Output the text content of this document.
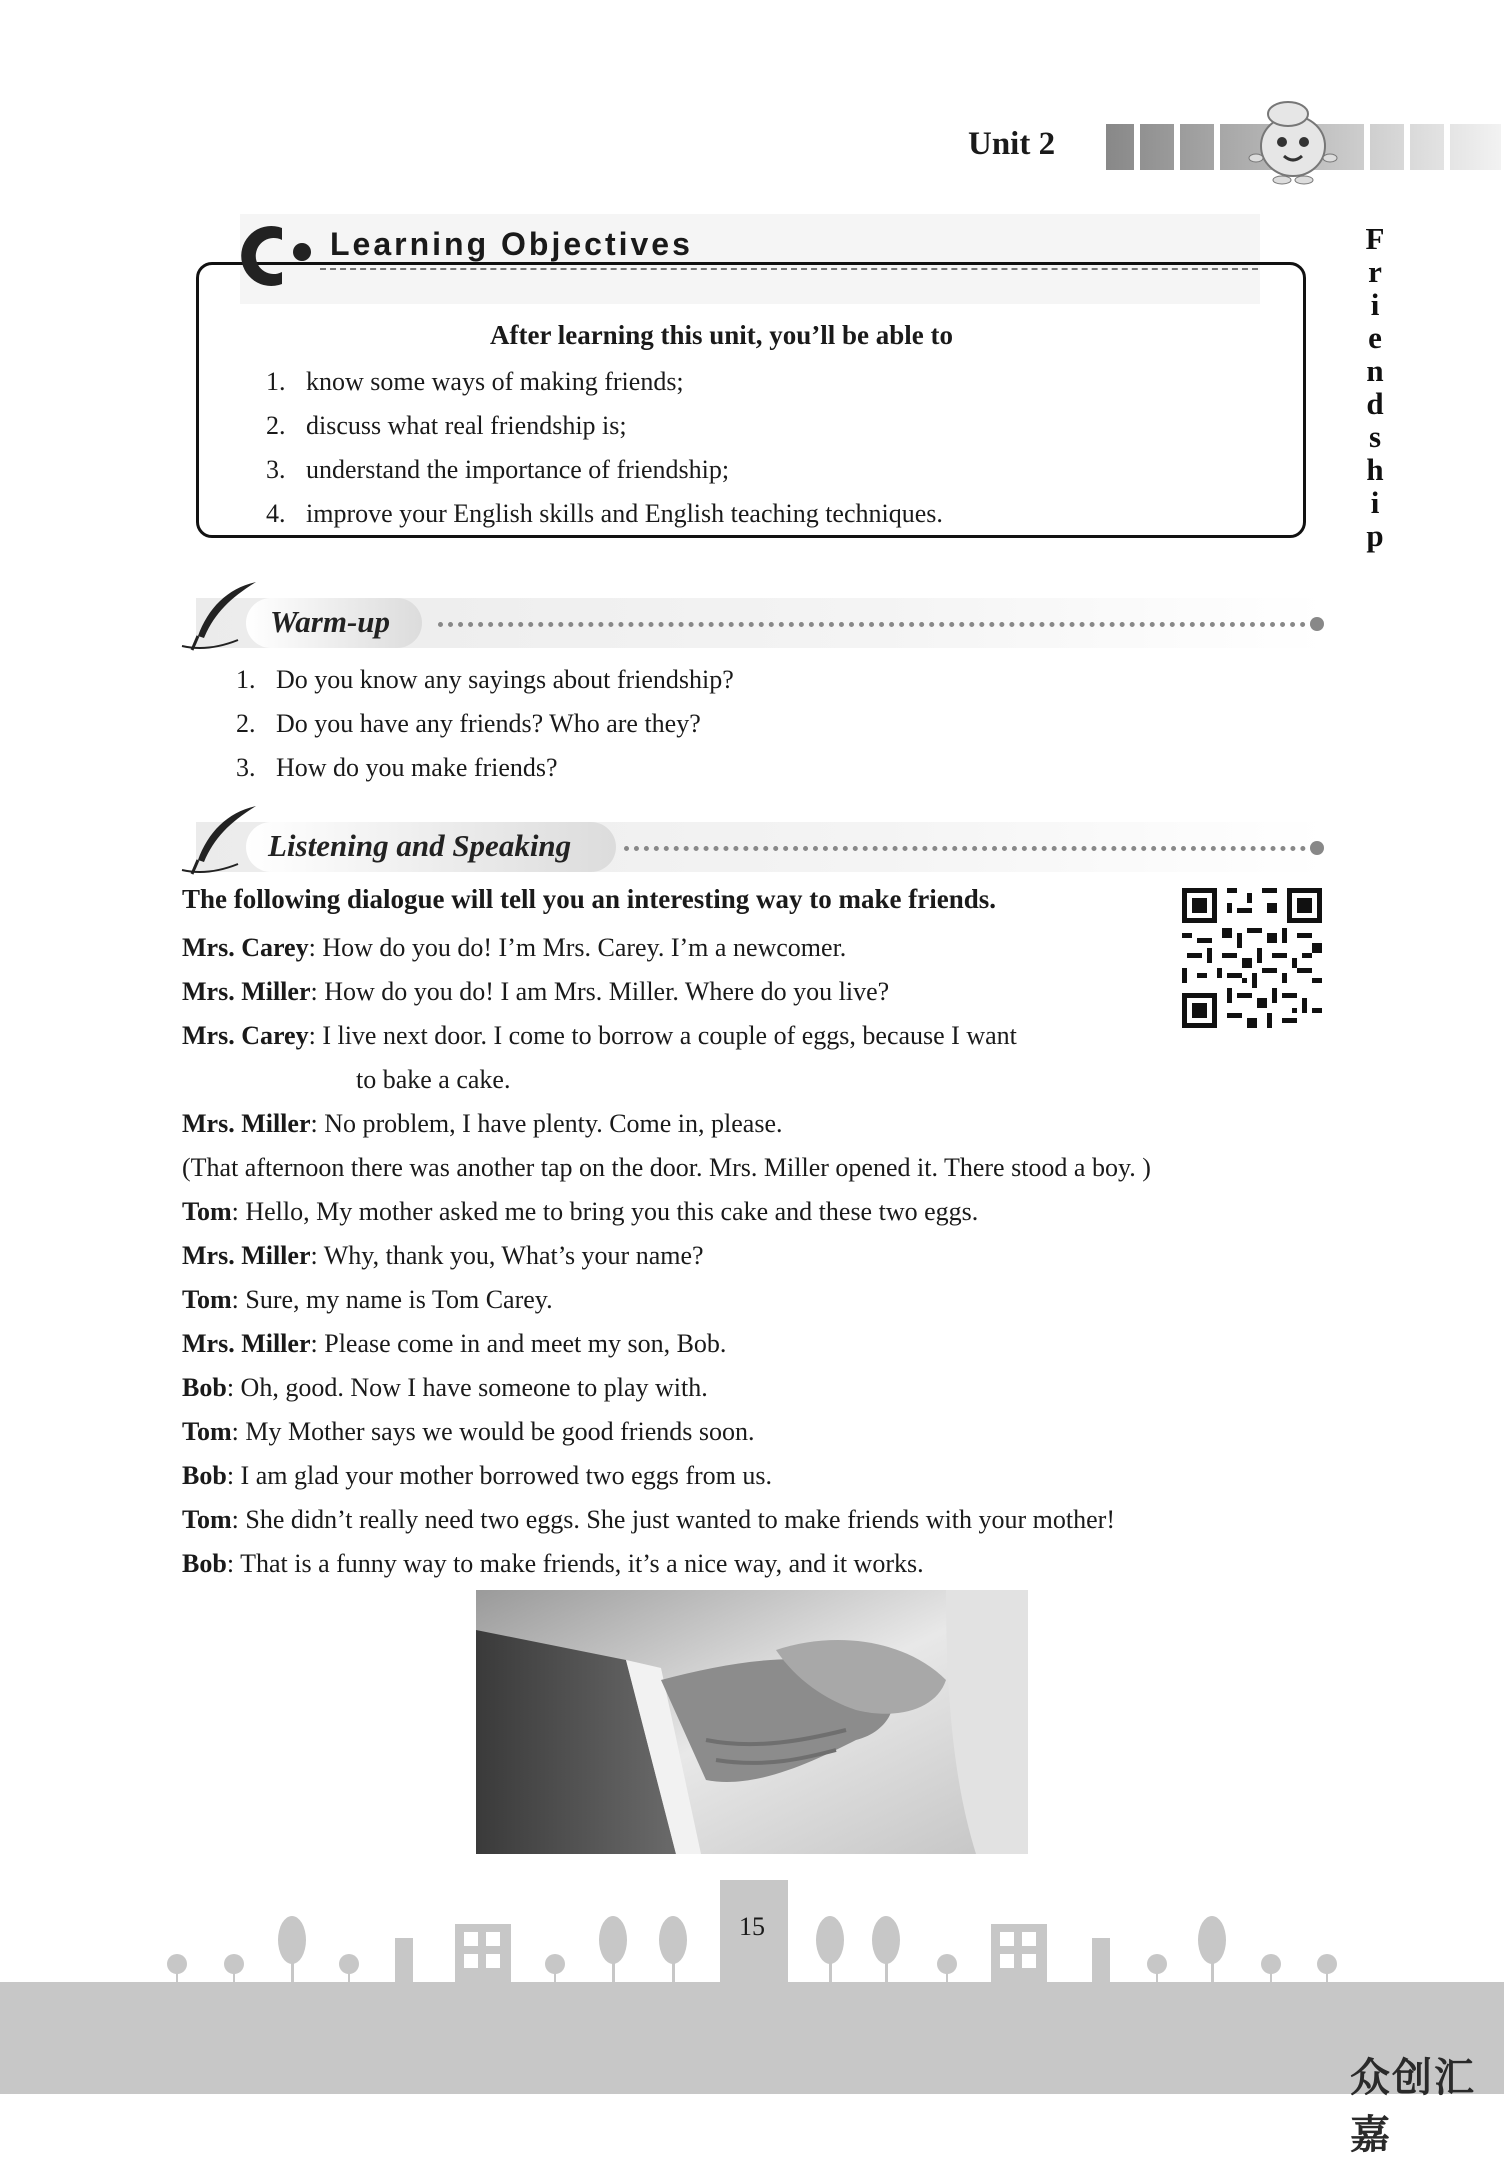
Unit 2
F
r
i
e
n
d
s
h
i
p
Learning Objectives
After learning this unit, you’ll be able to
1. know some ways of making friends;
2. discuss what real friendship is;
3. understand the importance of friendship;
4. improve your English skills and English teaching techniques.
Warm-up
1. Do you know any sayings about friendship?
2. Do you have any friends? Who are they?
3. How do you make friends?
Listening and Speaking
The following dialogue will tell you an interesting way to make friends.
Mrs. Carey: How do you do! I’m Mrs. Carey. I’m a newcomer.
Mrs. Miller: How do you do! I am Mrs. Miller. Where do you live?
Mrs. Carey: I live next door. I come to borrow a couple of eggs, because I want
to bake a cake.
Mrs. Miller: No problem, I have plenty. Come in, please.
(That afternoon there was another tap on the door. Mrs. Miller opened it. There stood a boy. )
Tom: Hello, My mother asked me to bring you this cake and these two eggs.
Mrs. Miller: Why, thank you, What’s your name?
Tom: Sure, my name is Tom Carey.
Mrs. Miller: Please come in and meet my son, Bob.
Bob: Oh, good. Now I have someone to play with.
Tom: My Mother says we would be good friends soon.
Bob: I am glad your mother borrowed two eggs from us.
Tom: She didn’t really need two eggs. She just wanted to make friends with your mother!
Bob: That is a funny way to make friends, it’s a nice way, and it works.
15
众创汇嘉
